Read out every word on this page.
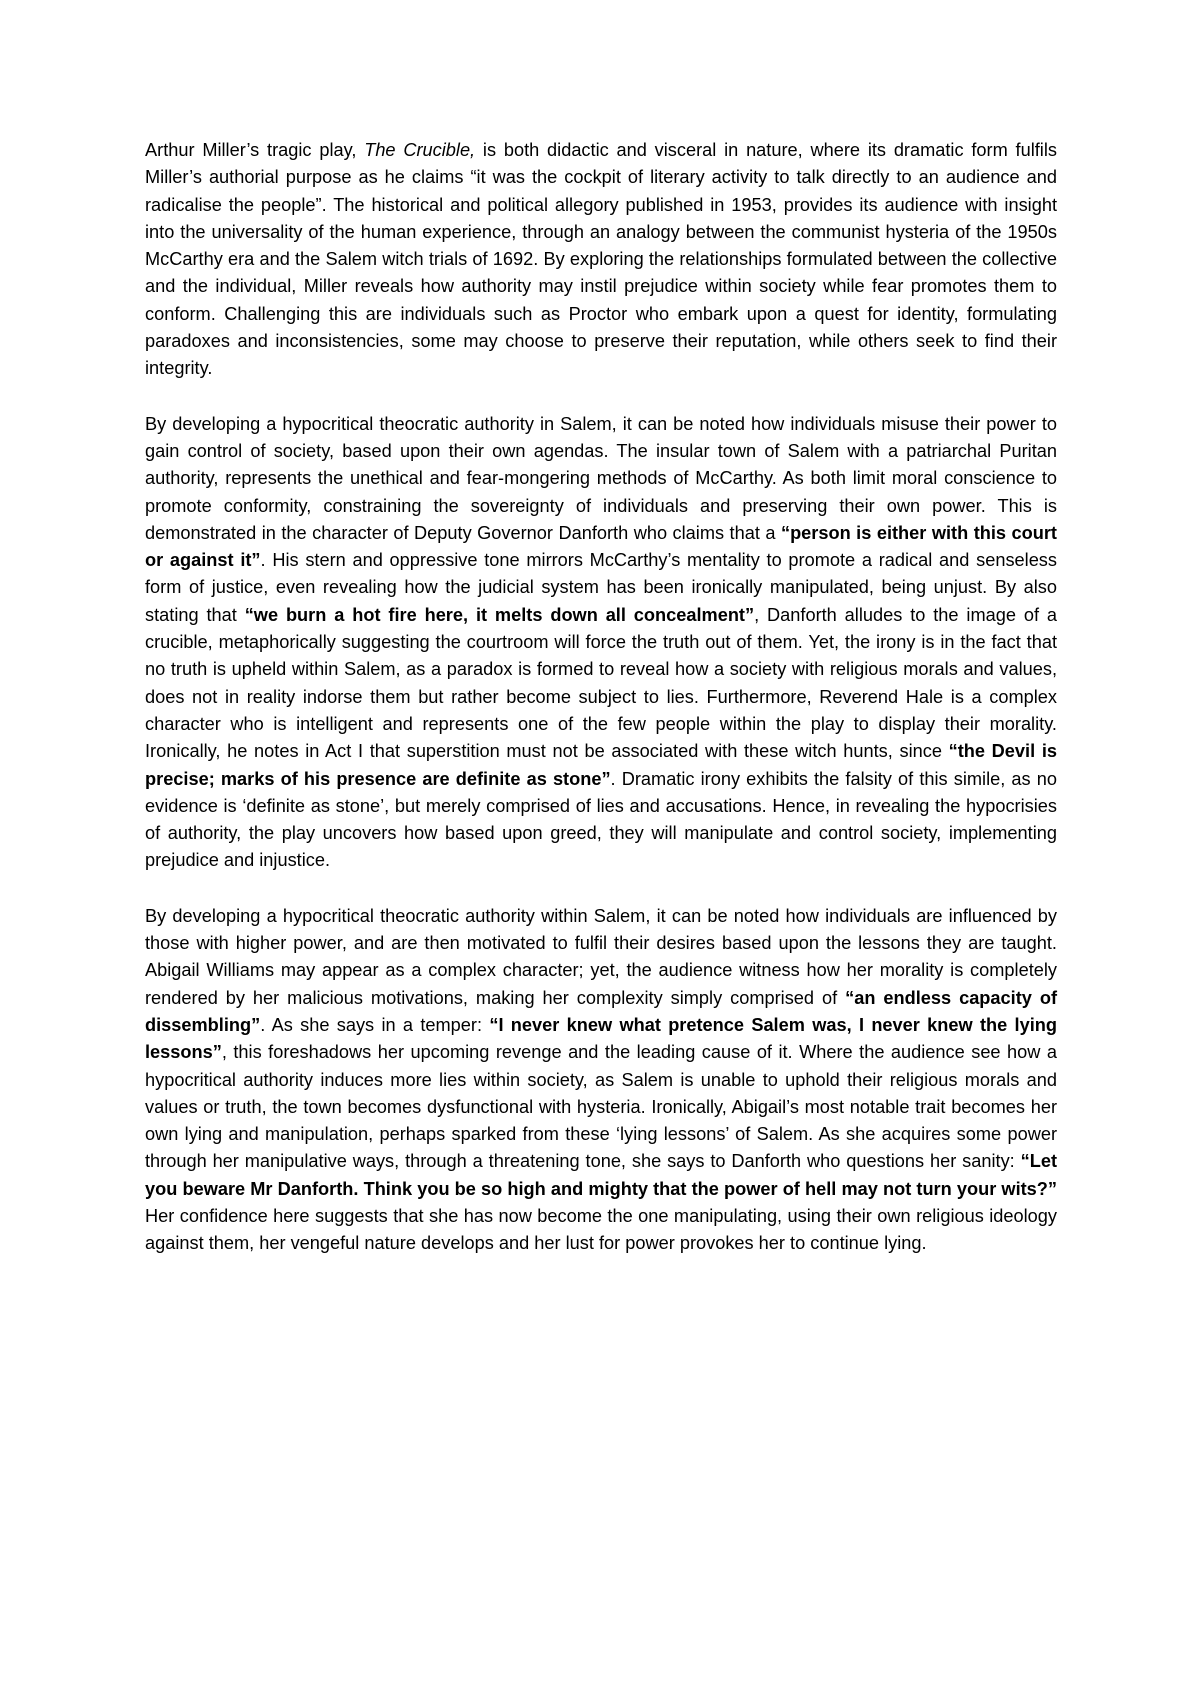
Arthur Miller’s tragic play, The Crucible, is both didactic and visceral in nature, where its dramatic form fulfils Miller’s authorial purpose as he claims “it was the cockpit of literary activity to talk directly to an audience and radicalise the people”. The historical and political allegory published in 1953, provides its audience with insight into the universality of the human experience, through an analogy between the communist hysteria of the 1950s McCarthy era and the Salem witch trials of 1692. By exploring the relationships formulated between the collective and the individual, Miller reveals how authority may instil prejudice within society while fear promotes them to conform. Challenging this are individuals such as Proctor who embark upon a quest for identity, formulating paradoxes and inconsistencies, some may choose to preserve their reputation, while others seek to find their integrity.

By developing a hypocritical theocratic authority in Salem, it can be noted how individuals misuse their power to gain control of society, based upon their own agendas. The insular town of Salem with a patriarchal Puritan authority, represents the unethical and fear-mongering methods of McCarthy. As both limit moral conscience to promote conformity, constraining the sovereignty of individuals and preserving their own power. This is demonstrated in the character of Deputy Governor Danforth who claims that a “person is either with this court or against it”. His stern and oppressive tone mirrors McCarthy’s mentality to promote a radical and senseless form of justice, even revealing how the judicial system has been ironically manipulated, being unjust. By also stating that “we burn a hot fire here, it melts down all concealment”, Danforth alludes to the image of a crucible, metaphorically suggesting the courtroom will force the truth out of them. Yet, the irony is in the fact that no truth is upheld within Salem, as a paradox is formed to reveal how a society with religious morals and values, does not in reality indorse them but rather become subject to lies. Furthermore, Reverend Hale is a complex character who is intelligent and represents one of the few people within the play to display their morality. Ironically, he notes in Act I that superstition must not be associated with these witch hunts, since “the Devil is precise; marks of his presence are definite as stone”. Dramatic irony exhibits the falsity of this simile, as no evidence is ‘definite as stone’, but merely comprised of lies and accusations. Hence, in revealing the hypocrisies of authority, the play uncovers how based upon greed, they will manipulate and control society, implementing prejudice and injustice.

By developing a hypocritical theocratic authority within Salem, it can be noted how individuals are influenced by those with higher power, and are then motivated to fulfil their desires based upon the lessons they are taught. Abigail Williams may appear as a complex character; yet, the audience witness how her morality is completely rendered by her malicious motivations, making her complexity simply comprised of “an endless capacity of dissembling”. As she says in a temper: “I never knew what pretence Salem was, I never knew the lying lessons”, this foreshadows her upcoming revenge and the leading cause of it. Where the audience see how a hypocritical authority induces more lies within society, as Salem is unable to uphold their religious morals and values or truth, the town becomes dysfunctional with hysteria. Ironically, Abigail’s most notable trait becomes her own lying and manipulation, perhaps sparked from these ‘lying lessons’ of Salem. As she acquires some power through her manipulative ways, through a threatening tone, she says to Danforth who questions her sanity: “Let you beware Mr Danforth. Think you be so high and mighty that the power of hell may not turn your wits?” Her confidence here suggests that she has now become the one manipulating, using their own religious ideology against them, her vengeful nature develops and her lust for power provokes her to continue lying.
